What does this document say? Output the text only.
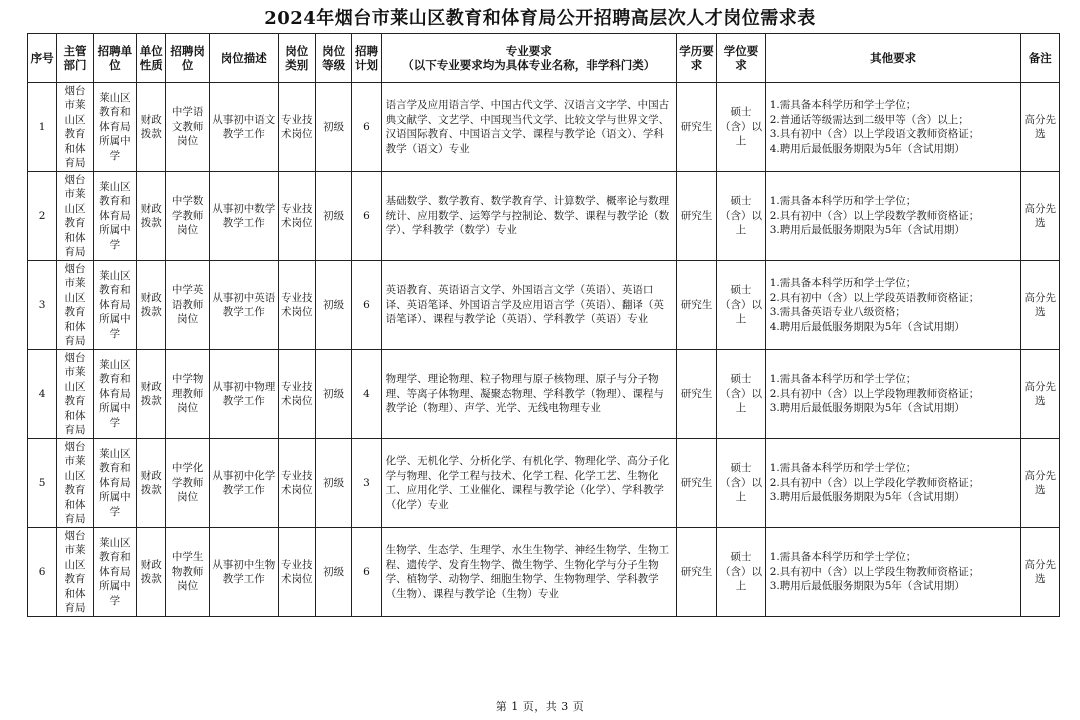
2024年烟台市莱山区教育和体育局公开招聘高层次人才岗位需求表
序号	主管部门	招聘单位	单位性质	招聘岗位	岗位描述	岗位类别	岗位等级	招聘计划	专业要求
（以下专业要求均为具体专业名称，非学科门类）	学历要求	学位要求	其他要求	备注
1	烟台市莱山区教育和体育局	莱山区教育和体育局所属中学	财政拨款	中学语文教师岗位	从事初中语文教学工作	专业技术岗位	初级	6	语言学及应用语言学、中国古代文学、汉语言文字学、中国古典文献学、文艺学、中国现当代文学、比较文学与世界文学、汉语国际教育、中国语言文学、课程与教学论（语文）、学科教学（语文）专业	研究生	硕士（含）以上	1.需具备本科学历和学士学位；
2.普通话等级需达到二级甲等（含）以上；
3.具有初中（含）以上学段语文教师资格证；
4.聘用后最低服务期限为5年（含试用期）	高分先选
2	烟台市莱山区教育和体育局	莱山区教育和体育局所属中学	财政拨款	中学数学教师岗位	从事初中数学教学工作	专业技术岗位	初级	6	基础数学、数学教育、数学教育学、计算数学、概率论与数理统计、应用数学、运筹学与控制论、数学、课程与教学论（数学）、学科教学（数学）专业	研究生	硕士（含）以上	1.需具备本科学历和学士学位；
2.具有初中（含）以上学段数学教师资格证；
3.聘用后最低服务期限为5年（含试用期）	高分先选
3	烟台市莱山区教育和体育局	莱山区教育和体育局所属中学	财政拨款	中学英语教师岗位	从事初中英语教学工作	专业技术岗位	初级	6	英语教育、英语语言文学、外国语言文学（英语）、英语口译、英语笔译、外国语言学及应用语言学（英语）、翻译（英语笔译）、课程与教学论（英语）、学科教学（英语）专业	研究生	硕士（含）以上	1.需具备本科学历和学士学位；
2.具有初中（含）以上学段英语教师资格证；
3.需具备英语专业八级资格；
4.聘用后最低服务期限为5年（含试用期）	高分先选
4	烟台市莱山区教育和体育局	莱山区教育和体育局所属中学	财政拨款	中学物理教师岗位	从事初中物理教学工作	专业技术岗位	初级	4	物理学、理论物理、粒子物理与原子核物理、原子与分子物理、等离子体物理、凝聚态物理、学科教学（物理）、课程与教学论（物理）、声学、光学、无线电物理专业	研究生	硕士（含）以上	1.需具备本科学历和学士学位；
2.具有初中（含）以上学段物理教师资格证；
3.聘用后最低服务期限为5年（含试用期）	高分先选
5	烟台市莱山区教育和体育局	莱山区教育和体育局所属中学	财政拨款	中学化学教师岗位	从事初中化学教学工作	专业技术岗位	初级	3	化学、无机化学、分析化学、有机化学、物理化学、高分子化学与物理、化学工程与技术、化学工程、化学工艺、生物化工、应用化学、工业催化、课程与教学论（化学）、学科教学（化学）专业	研究生	硕士（含）以上	1.需具备本科学历和学士学位；
2.具有初中（含）以上学段化学教师资格证；
3.聘用后最低服务期限为5年（含试用期）	高分先选
6	烟台市莱山区教育和体育局	莱山区教育和体育局所属中学	财政拨款	中学生物教师岗位	从事初中生物教学工作	专业技术岗位	初级	6	生物学、生态学、生理学、水生生物学、神经生物学、生物工程、遗传学、发育生物学、微生物学、生物化学与分子生物学、植物学、动物学、细胞生物学、生物物理学、学科教学（生物）、课程与教学论（生物）专业	研究生	硕士（含）以上	1.需具备本科学历和学士学位；
2.具有初中（含）以上学段生物教师资格证；
3.聘用后最低服务期限为5年（含试用期）	高分先选
第 1 页，共 3 页
